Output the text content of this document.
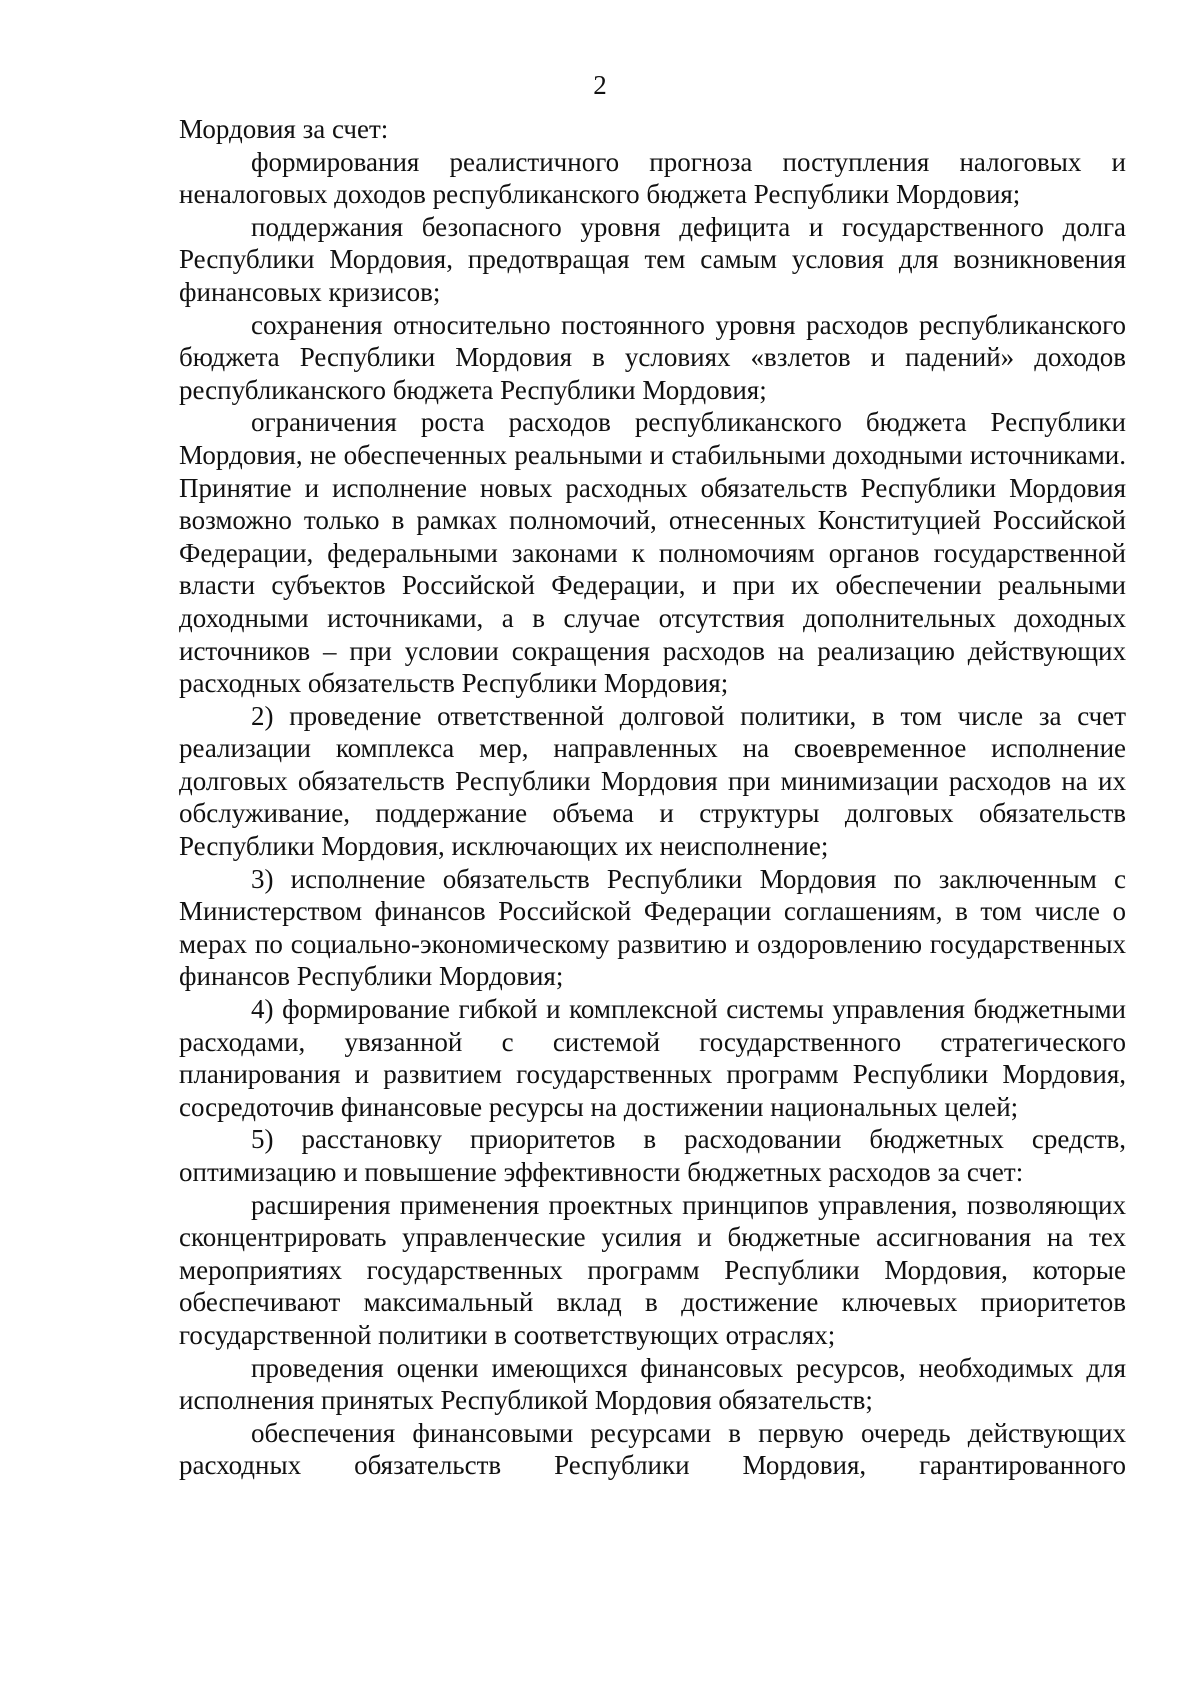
2

Мордовия за счет:

формирования реалистичного прогноза поступления налоговых и неналоговых доходов республиканского бюджета Республики Мордовия;

поддержания безопасного уровня дефицита и государственного долга Республики Мордовия, предотвращая тем самым условия для возникновения финансовых кризисов;

сохранения относительно постоянного уровня расходов республиканского бюджета Республики Мордовия в условиях «взлетов и падений» доходов республиканского бюджета Республики Мордовия;

ограничения роста расходов республиканского бюджета Республики Мордовия, не обеспеченных реальными и стабильными доходными источниками. Принятие и исполнение новых расходных обязательств Республики Мордовия возможно только в рамках полномочий, отнесенных Конституцией Российской Федерации, федеральными законами к полномочиям органов государственной власти субъектов Российской Федерации, и при их обеспечении реальными доходными источниками, а в случае отсутствия дополнительных доходных источников – при условии сокращения расходов на реализацию действующих расходных обязательств Республики Мордовия;

2) проведение ответственной долговой политики, в том числе за счет реализации комплекса мер, направленных на своевременное исполнение долговых обязательств Республики Мордовия при минимизации расходов на их обслуживание, поддержание объема и структуры долговых обязательств Республики Мордовия, исключающих их неисполнение;

3) исполнение обязательств Республики Мордовия по заключенным с Министерством финансов Российской Федерации соглашениям, в том числе о мерах по социально-экономическому развитию и оздоровлению государственных финансов Республики Мордовия;

4) формирование гибкой и комплексной системы управления бюджетными расходами, увязанной с системой государственного стратегического планирования и развитием государственных программ Республики Мордовия, сосредоточив финансовые ресурсы на достижении национальных целей;

5) расстановку приоритетов в расходовании бюджетных средств, оптимизацию и повышение эффективности бюджетных расходов за счет:

расширения применения проектных принципов управления, позволяющих сконцентрировать управленческие усилия и бюджетные ассигнования на тех мероприятиях государственных программ Республики Мордовия, которые обеспечивают максимальный вклад в достижение ключевых приоритетов государственной политики в соответствующих отраслях;

проведения оценки имеющихся финансовых ресурсов, необходимых для исполнения принятых Республикой Мордовия обязательств;

обеспечения финансовыми ресурсами в первую очередь действующих расходных обязательств Республики Мордовия, гарантированного
